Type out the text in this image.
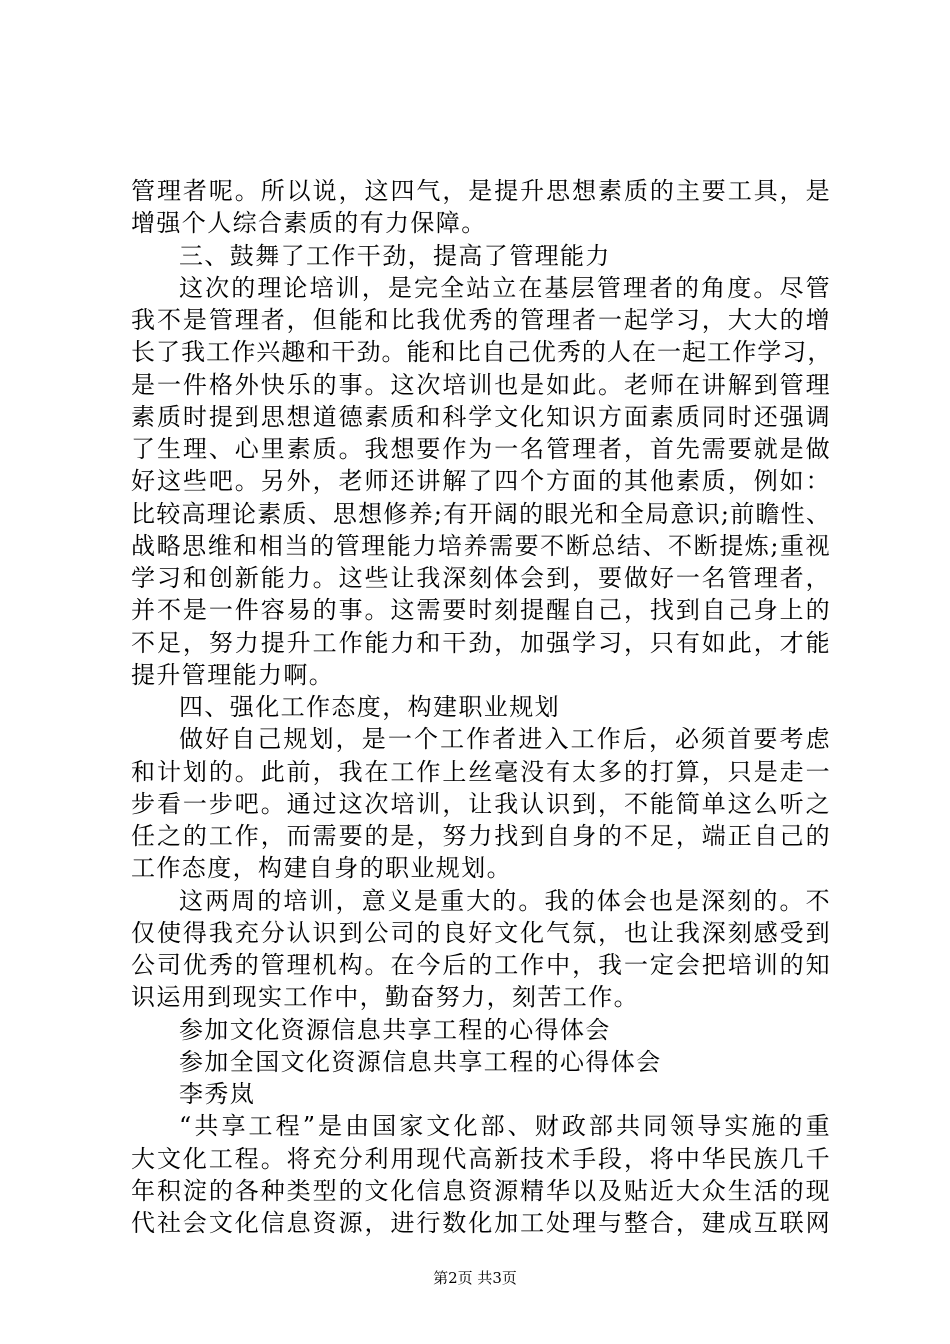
管理者呢。所以说，这四气，是提升思想素质的主要工具，是
增强个人综合素质的有力保障。
三、鼓舞了工作干劲，提高了管理能力
这次的理论培训，是完全站立在基层管理者的角度。尽管
我不是管理者，但能和比我优秀的管理者一起学习，大大的增
长了我工作兴趣和干劲。能和比自己优秀的人在一起工作学习，
是一件格外快乐的事。这次培训也是如此。老师在讲解到管理
素质时提到思想道德素质和科学文化知识方面素质同时还强调
了生理、心里素质。我想要作为一名管理者，首先需要就是做
好这些吧。另外，老师还讲解了四个方面的其他素质，例如：
比较高理论素质、思想修养;有开阔的眼光和全局意识;前瞻性、
战略思维和相当的管理能力培养需要不断总结、不断提炼;重视
学习和创新能力。这些让我深刻体会到，要做好一名管理者，
并不是一件容易的事。这需要时刻提醒自己，找到自己身上的
不足，努力提升工作能力和干劲，加强学习，只有如此，才能
提升管理能力啊。
四、强化工作态度，构建职业规划
做好自己规划，是一个工作者进入工作后，必须首要考虑
和计划的。此前，我在工作上丝毫没有太多的打算，只是走一
步看一步吧。通过这次培训，让我认识到，不能简单这么听之
任之的工作，而需要的是，努力找到自身的不足，端正自己的
工作态度，构建自身的职业规划。
这两周的培训，意义是重大的。我的体会也是深刻的。不
仅使得我充分认识到公司的良好文化气氛，也让我深刻感受到
公司优秀的管理机构。在今后的工作中，我一定会把培训的知
识运用到现实工作中，勤奋努力，刻苦工作。
参加文化资源信息共享工程的心得体会
参加全国文化资源信息共享工程的心得体会
李秀岚
“共享工程”是由国家文化部、财政部共同领导实施的重
大文化工程。将充分利用现代高新技术手段，将中华民族几千
年积淀的各种类型的文化信息资源精华以及贴近大众生活的现
代社会文化信息资源，进行数化加工处理与整合，建成互联网
第2页 共3页
